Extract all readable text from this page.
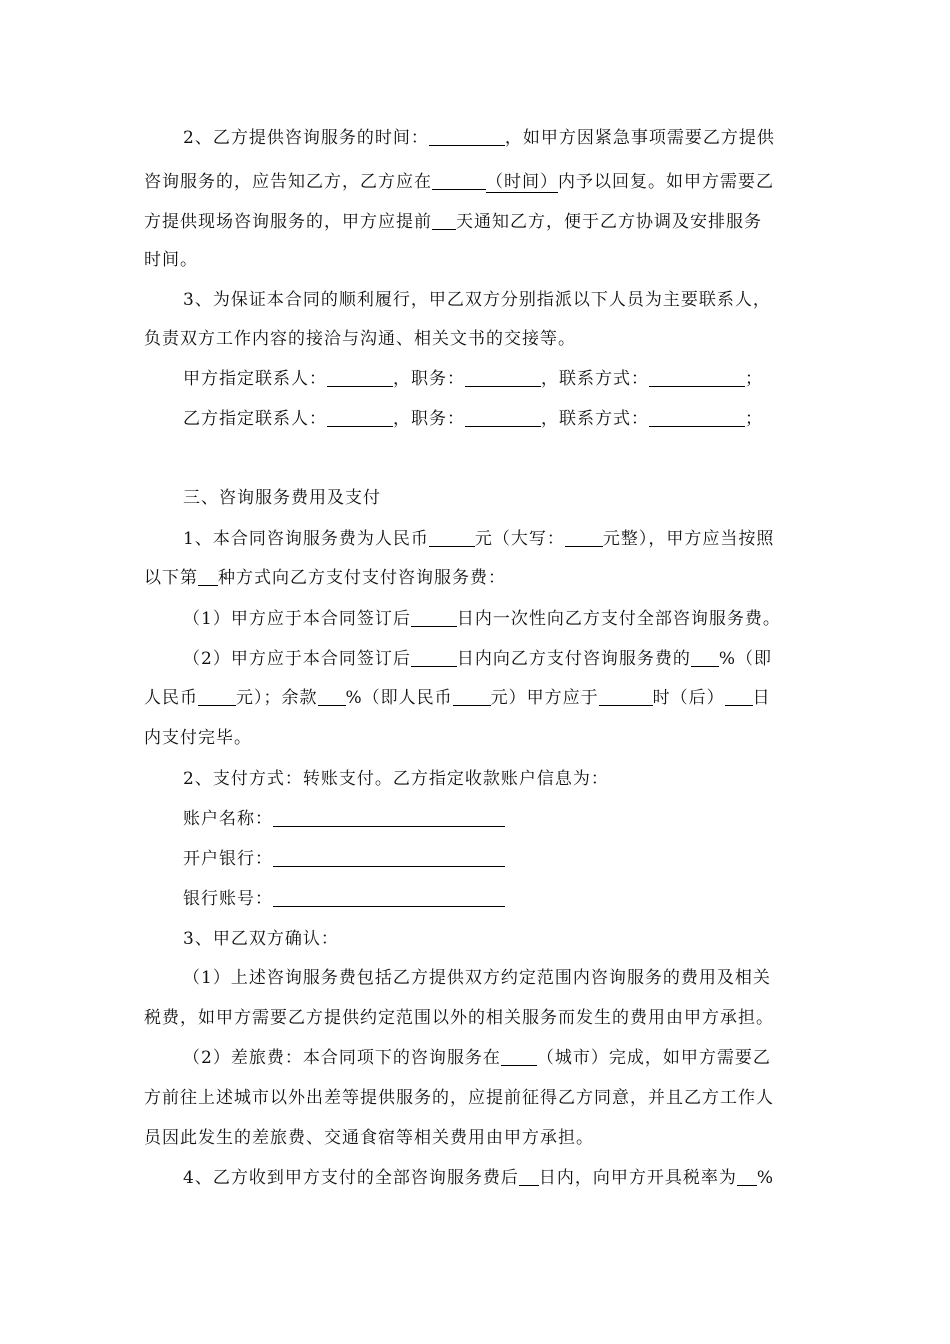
2、乙方提供咨询服务的时间：	，如甲方因紧急事项需要乙方提供
咨询服务的，应告知乙方，乙方应在	（时间）内予以回复。如甲方需要乙
方提供现场咨询服务的，甲方应提前 天通知乙方，便于乙方协调及安排服务
时间。
3、为保证本合同的顺利履行，甲乙双方分别指派以下人员为主要联系人，
负责双方工作内容的接洽与沟通、相关文书的交接等。
甲方指定联系人：	，职务：	，联系方式：	；
乙方指定联系人：	，职务：	，联系方式：	；
三、咨询服务费用及支付
1、本合同咨询服务费为人民币	元（大写： 元整），甲方应当按照
以下第 种方式向乙方支付支付咨询服务费：
（1）甲方应于本合同签订后	日内一次性向乙方支付全部咨询服务费。
（2）甲方应于本合同签订后	日内向乙方支付咨询服务费的 %（即
人民币 元）；余款 %（即人民币 元）甲方应于	时（后） 日
内支付完毕。
2、支付方式：转账支付。乙方指定收款账户信息为：
账户名称：
开户银行：
银行账号：
3、甲乙双方确认：
（1）上述咨询服务费包括乙方提供双方约定范围内咨询服务的费用及相关
税费，如甲方需要乙方提供约定范围以外的相关服务而发生的费用由甲方承担。
（2）差旅费：本合同项下的咨询服务在 （城市）完成，如甲方需要乙
方前往上述城市以外出差等提供服务的，应提前征得乙方同意，并且乙方工作人
员因此发生的差旅费、交通食宿等相关费用由甲方承担。
4、乙方收到甲方支付的全部咨询服务费后 日内，向甲方开具税率为 %
